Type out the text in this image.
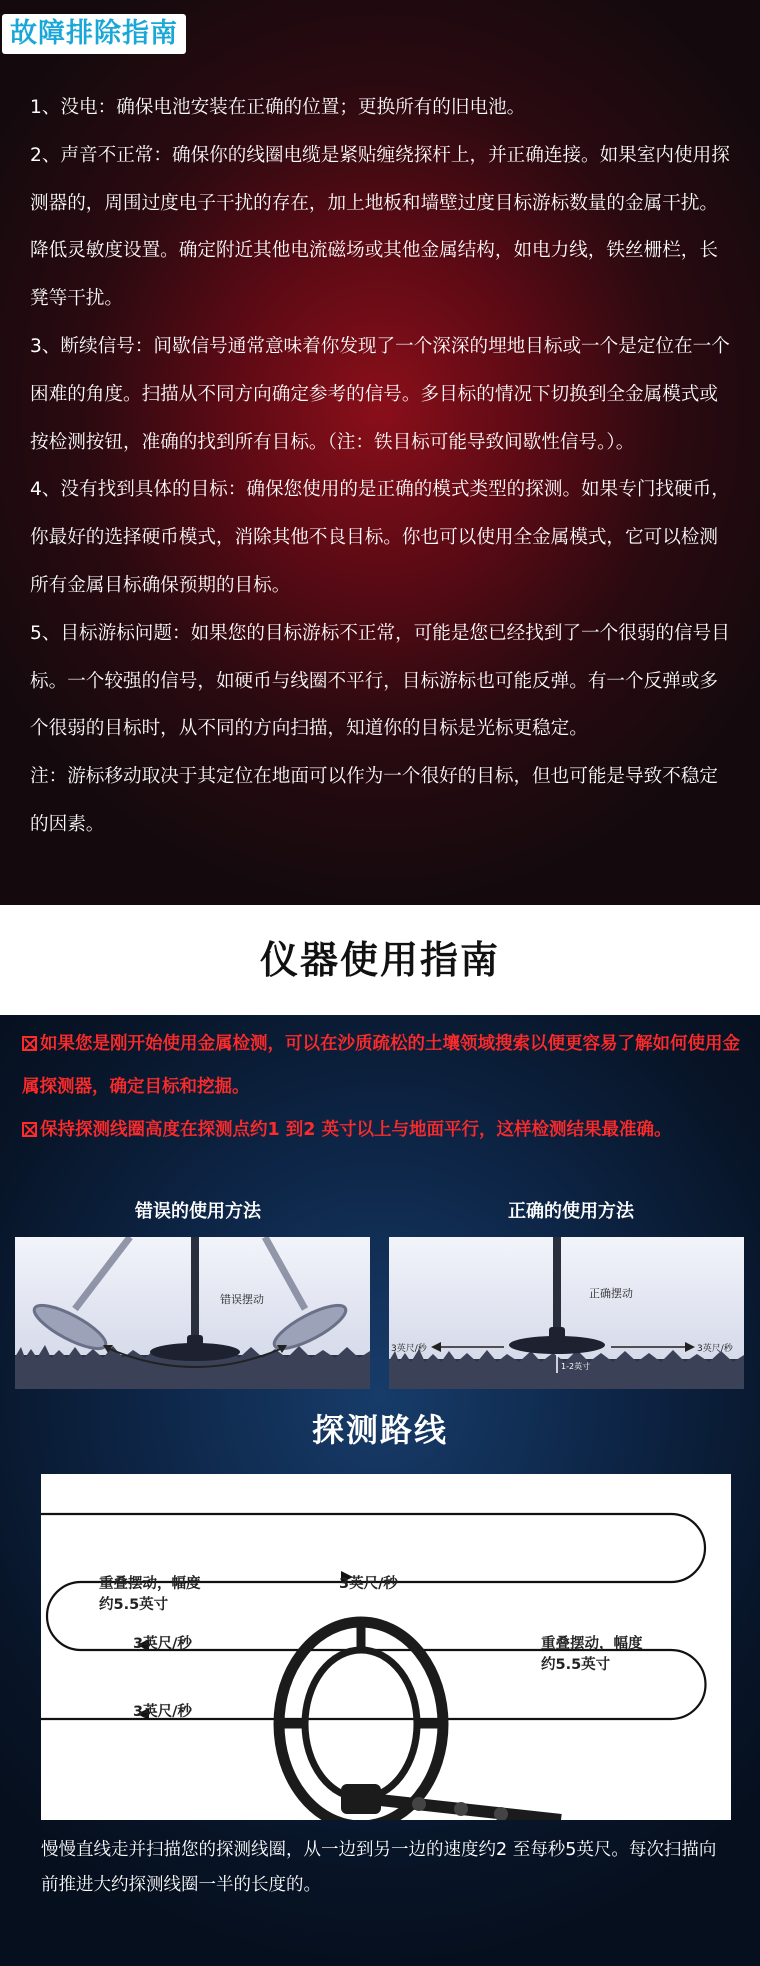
故障排除指南

1、没电：确保电池安装在正确的位置；更换所有的旧电池。

2、声音不正常：确保你的线圈电缆是紧贴缠绕探杆上，并正确连接。如果室内使用探测器的，周围过度电子干扰的存在，加上地板和墙壁过度目标游标数量的金属干扰。降低灵敏度设置。确定附近其他电流磁场或其他金属结构，如电力线，铁丝栅栏，长凳等干扰。

3、断续信号：间歇信号通常意味着你发现了一个深深的埋地目标或一个是定位在一个困难的角度。扫描从不同方向确定参考的信号。多目标的情况下切换到全金属模式或按检测按钮，准确的找到所有目标。（注：铁目标可能导致间歇性信号。）。

4、没有找到具体的目标：确保您使用的是正确的模式类型的探测。如果专门找硬币，你最好的选择硬币模式，消除其他不良目标。你也可以使用全金属模式，它可以检测所有金属目标确保预期的目标。

5、目标游标问题：如果您的目标游标不正常，可能是您已经找到了一个很弱的信号目标。一个较强的信号，如硬币与线圈不平行，目标游标也可能反弹。有一个反弹或多个很弱的目标时，从不同的方向扫描，知道你的目标是光标更稳定。

注：游标移动取决于其定位在地面可以作为一个很好的目标，但也可能是导致不稳定的因素。

仪器使用指南

如果您是刚开始使用金属检测，可以在沙质疏松的土壤领域搜索以便更容易了解如何使用金属探测器，确定目标和挖掘。

保持探测线圈高度在探测点约1 到2 英寸以上与地面平行，这样检测结果最准确。

错误的使用方法	正确的使用方法
错误摆动
3英尺/秒	3英尺/秒
1-2英寸
正确摆动
探测路线
重叠摆动，幅度约5.5英寸
3英尺/秒
3英尺/秒	重叠摆动，幅度约5.5英寸
3英尺/秒

慢慢直线走并扫描您的探测线圈，从一边到另一边的速度约2 至每秒5英尺。每次扫描向前推进大约探测线圈一半的长度的。
